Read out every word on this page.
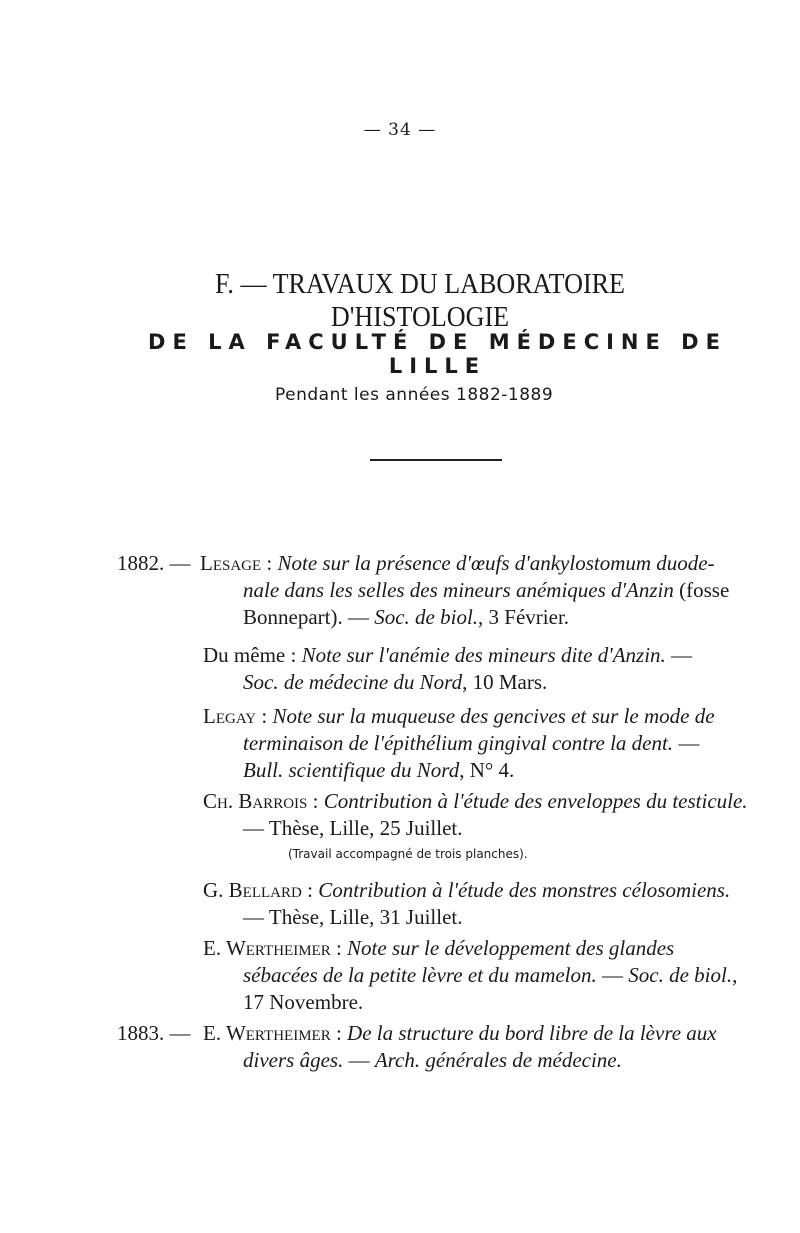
— 34 —
F. — TRAVAUX DU LABORATOIRE D'HISTOLOGIE
DE LA FACULTÉ DE MÉDECINE DE LILLE
Pendant les années 1882-1889
1882. — Lesage : Note sur la présence d'œufs d'ankylostomum duode-
nale dans les selles des mineurs anémiques d'Anzin (fosse
Bonnepart). — Soc. de biol., 3 Février.
Du même : Note sur l'anémie des mineurs dite d'Anzin. —
Soc. de médecine du Nord, 10 Mars.
Legay : Note sur la muqueuse des gencives et sur le mode de
terminaison de l'épithélium gingival contre la dent. —
Bull. scientifique du Nord, N° 4.
Ch. Barrois : Contribution à l'étude des enveloppes du testicule.
— Thèse, Lille, 25 Juillet.
(Travail accompagné de trois planches).
G. Bellard : Contribution à l'étude des monstres célosomiens.
— Thèse, Lille, 31 Juillet.
E. Wertheimer : Note sur le développement des glandes
sébacées de la petite lèvre et du mamelon. — Soc. de biol.,
17 Novembre.
1883. — E. Wertheimer : De la structure du bord libre de la lèvre aux
divers âges. — Arch. générales de médecine.
